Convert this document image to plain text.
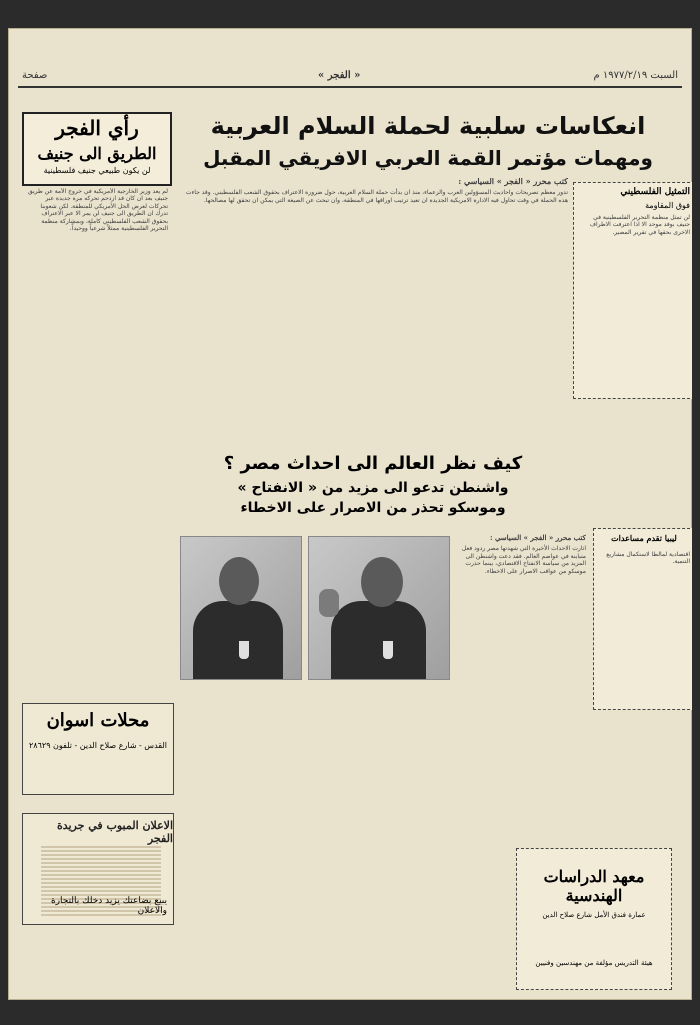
صفحة	« الفجر »	السبت ١٩٧٧/٢/١٩ م
انعكاسات سلبية لحملة السلام العربية
ومهمات مؤتمر القمة العربي الافريقي المقبل
رأي الفجر
الطريق الى جنيف
لن يكون طبيعي جنيف فلسطينية
لم يعد وزير الخارجية الأمريكية في خروج الأمة عن طريق جنيف بعد ان كان قد ازدحم تحركه مرة جديدة عبر تحركات لعرض الحل الأمريكي للمنطقة. لكن شعوبنا تدرك ان الطريق الى جنيف لن يمر الا عبر الاعتراف بحقوق الشعب الفلسطيني كاملة، وبمشاركة منظمة التحرير الفلسطينية ممثلاً شرعياً ووحيداً.
محلات اسوان
القدس - شارع صلاح الدين - تلفون ٢٨٦٢٩
الاعلان المبوب في جريدة الفجر
يبيع بضاعتك يزيد دخلك بالتجارة والاعلان
التمثيل الفلسطيني
فوق المقاومة
لن تمثل منظمة التحرير الفلسطينية في جنيف بوفد موحد الا اذا اعترفت الاطراف الاخرى بحقها في تقرير المصير.
ليبيا تقدم مساعدات
اقتصادية لمالطا لاستكمال مشاريع التنمية.
معهد الدراسات الهندسية
عمارة فندق الأمل شارع صلاح الدين
هيئة التدريس مؤلفة من مهندسين وفنيين
كتب محرر « الفجر » السياسي :
تدور معظم تصريحات واحاديث المسؤولين العرب والزعماء، منذ ان بدأت حملة السلام العربية، حول ضرورة الاعتراف بحقوق الشعب الفلسطيني. وقد جاءت هذه الحملة في وقت تحاول فيه الادارة الامريكية الجديدة ان تعيد ترتيب اوراقها في المنطقة، وان تبحث عن الصيغة التي يمكن ان تحقق لها مصالحها.
كيف نظر العالم الى احداث مصر ؟
واشنطن تدعو الى مزيد من « الانفتاح »
وموسكو تحذر من الاصرار على الاخطاء
كتب محرر « الفجر » السياسي :
اثارت الاحداث الأخيرة التي شهدتها مصر ردود فعل متباينة في عواصم العالم. فقد دعت واشنطن الى المزيد من سياسة الانفتاح الاقتصادي، بينما حذرت موسكو من عواقب الاصرار على الاخطاء.
